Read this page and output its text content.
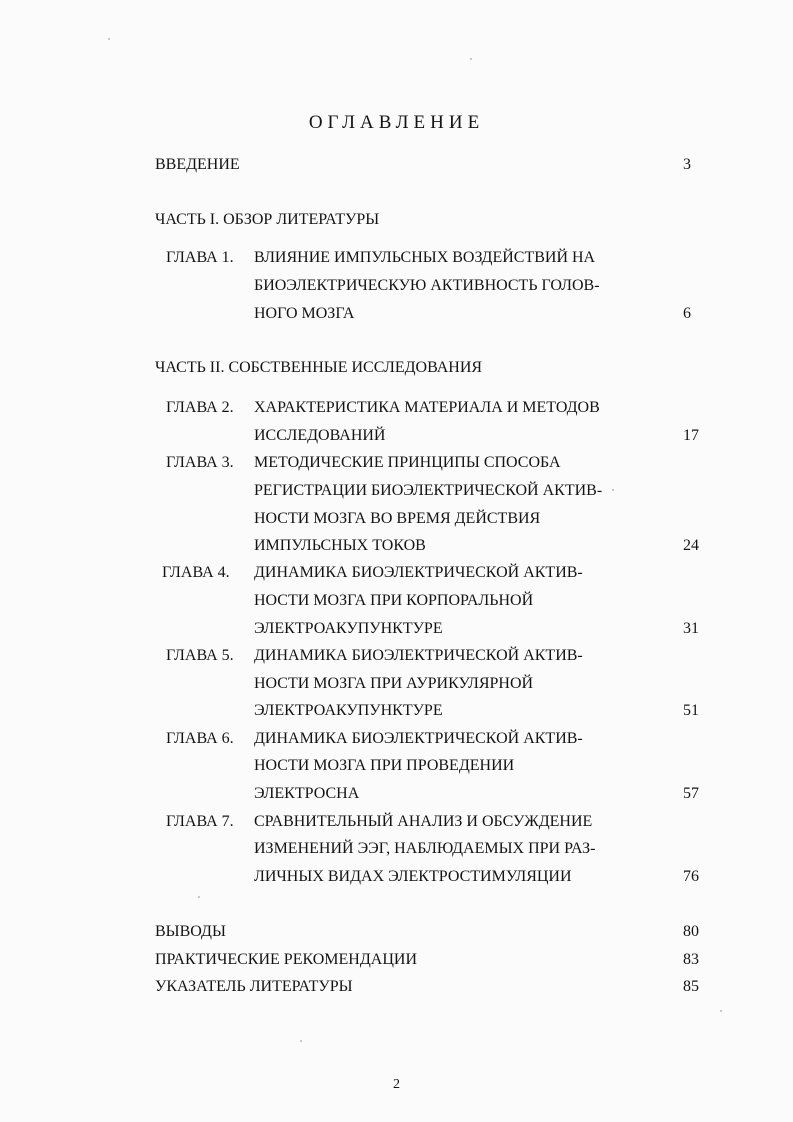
ОГЛАВЛЕНИЕ
ВВЕДЕНИЕ	3
ЧАСТЬ I. ОБЗОР ЛИТЕРАТУРЫ
ГЛАВА 1. ВЛИЯНИЕ ИМПУЛЬСНЫХ ВОЗДЕЙСТВИЙ НА
БИОЭЛЕКТРИЧЕСКУЮ АКТИВНОСТЬ ГОЛОВ-
НОГО МОЗГА	6
ЧАСТЬ II. СОБСТВЕННЫЕ ИССЛЕДОВАНИЯ
ГЛАВА 2. ХАРАКТЕРИСТИКА МАТЕРИАЛА И МЕТОДОВ
ИССЛЕДОВАНИЙ	17
ГЛАВА 3. МЕТОДИЧЕСКИЕ ПРИНЦИПЫ СПОСОБА
РЕГИСТРАЦИИ БИОЭЛЕКТРИЧЕСКОЙ АКТИВ-
НОСТИ МОЗГА ВО ВРЕМЯ ДЕЙСТВИЯ
ИМПУЛЬСНЫХ ТОКОВ	24
ГЛАВА 4. ДИНАМИКА БИОЭЛЕКТРИЧЕСКОЙ АКТИВ-
НОСТИ МОЗГА ПРИ КОРПОРАЛЬНОЙ
ЭЛЕКТРОАКУПУНКТУРЕ	31
ГЛАВА 5. ДИНАМИКА БИОЭЛЕКТРИЧЕСКОЙ АКТИВ-
НОСТИ МОЗГА ПРИ АУРИКУЛЯРНОЙ
ЭЛЕКТРОАКУПУНКТУРЕ	51
ГЛАВА 6. ДИНАМИКА БИОЭЛЕКТРИЧЕСКОЙ АКТИВ-
НОСТИ МОЗГА ПРИ ПРОВЕДЕНИИ
ЭЛЕКТРОСНА	57
ГЛАВА 7. СРАВНИТЕЛЬНЫЙ АНАЛИЗ И ОБСУЖДЕНИЕ
ИЗМЕНЕНИЙ ЭЭГ, НАБЛЮДАЕМЫХ ПРИ РАЗ-
ЛИЧНЫХ ВИДАХ ЭЛЕКТРОСТИМУЛЯЦИИ	76
ВЫВОДЫ	80
ПРАКТИЧЕСКИЕ РЕКОМЕНДАЦИИ	83
УКАЗАТЕЛЬ ЛИТЕРАТУРЫ	85
2
